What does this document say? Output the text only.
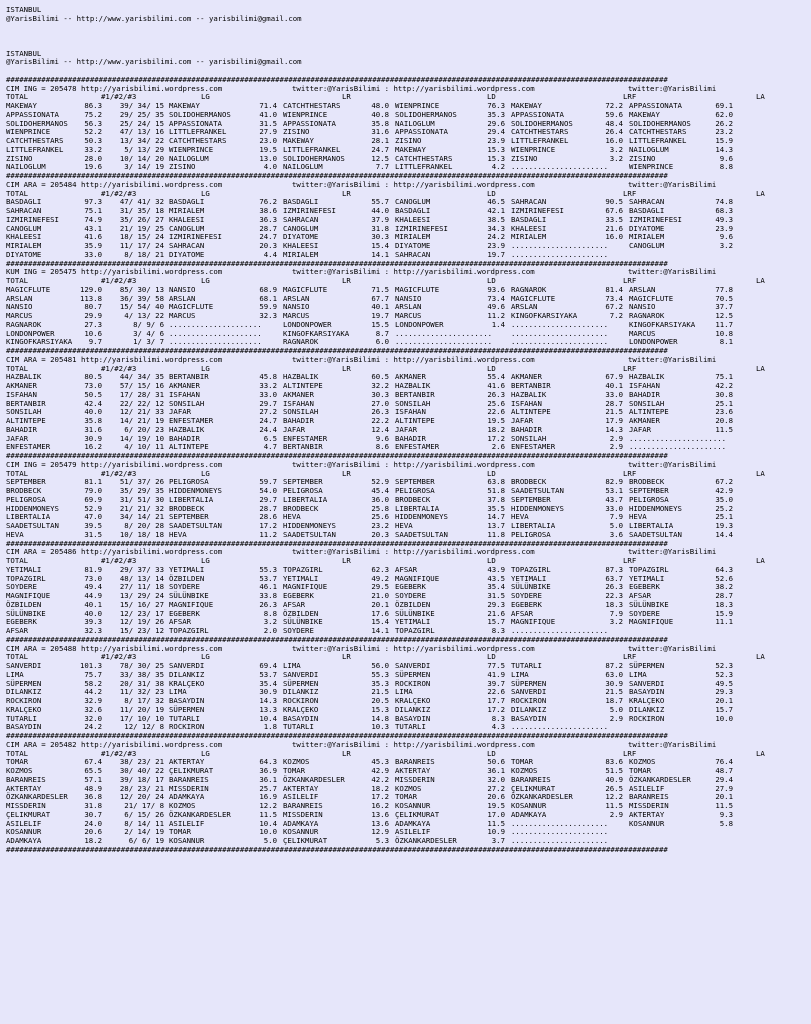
ISTANBUL
@YarisBilimi -- http://www.yarisbilimi.com -- yarisbilimi@gmail.com
ISTANBUL
@YarisBilimi -- http://www.yarisbilimi.com -- yarisbilimi@gmail.com
######################################################################################################################################################
CIM ING = 205478 http://yarisbilimi.wordpress.com	twitter:@YarisBilimi : http://yarisbilimi.wordpress.com	twitter:@YarisBilimi
TOTAL	#1/#2/#3	LG	LR	LD	LRF	LA
MAKEWAY	86.3 39/ 34/ 15 MAKEWAY	71.4 CATCHTHESTARS	48.0 WIENPRINCE	76.3 MAKEWAY	72.2 APPASSIONATA	69.1
APPASSIONATA	75.2 29/ 25/ 35 SOLIDOHERMANOS	41.0 WIENPRINCE	40.8 SOLIDOHERMANOS	35.3 APPASSIONATA	59.6 MAKEWAY	62.0
SOLIDOHERMANOS 56.3 25/ 24/ 15 APPASSIONATA	31.5 APPASSIONATA	35.8 NAILOGLUM	29.6 SOLIDOHERMANOS	48.4 SOLIDOHERMANOS	26.2
WIENPRINCE	52.2 47/ 13/ 16 LITTLEFRANKEL	27.9 ZISINO	31.6 APPASSIONATA	29.4 CATCHTHESTARS	26.4 CATCHTHESTARS	23.2
CATCHTHESTARS	50.3 13/ 34/ 22 CATCHTHESTARS	23.0 MAKEWAY	28.1 ZISINO	23.9 LITTLEFRANKEL	16.0 LITTLEFRANKEL	15.9
LITTLEFRANKEL	33.2	5/ 13/ 29 WIENPRINCE	19.5 LITTLEFRANKEL	24.7 MAKEWAY	15.3 WIENPRINCE	3.2 NAILOGLUM	14.3
ZISINO	28.0 10/ 14/ 20 NAILOGLUM	13.0 SOLIDOHERMANOS	12.5 CATCHTHESTARS	15.3 ZISINO	3.2 ZISINO	9.6
NAILOGLUM	19.6	3/ 14/ 19 ZISINO	4.0 NAILOGLUM	7.7 LITTLEFRANKEL	4.2 ......................	WIENPRINCE	8.8
######################################################################################################################################################
CIM ARA = 205484 http://yarisbilimi.wordpress.com	twitter:@YarisBilimi : http://yarisbilimi.wordpress.com	twitter:@YarisBilimi
TOTAL	#1/#2/#3	LG	LR	LD	LRF	LA
BASDAGLI	97.3 47/ 41/ 32 BASDAGLI	76.2 BASDAGLI	55.7 CANOGLUM	46.5 SAHRACAN	90.5 SAHRACAN	74.8
SAHRACAN	75.1 31/ 35/ 18 MIRIALEM	38.6 IZMIRINEFESI	44.0 BASDAGLI	42.1 IZMIRINEFESI	67.6 BASDAGLI	68.3
IZMIRINEFESI	74.9 35/ 26/ 27 KHALEESI	36.3 SAHRACAN	37.9 KHALEESI	38.5 BASDAGLI	33.5 IZMIRINEFESI	49.3
CANOGLUM	43.1 21/ 19/ 25 CANOGLUM	28.7 CANOGLUM	31.8 IZMIRINEFESI	34.3 KHALEESI	21.6 DIYATOME	23.9
KHALEESI	41.6 18/ 15/ 24 IZMIRINEFESI	24.7 DIYATOME	30.3 MIRIALEM	24.2 MIRIALEM	16.0 MIRIALEM	9.6
MIRIALEM	35.9 11/ 17/ 24 SAHRACAN	20.3 KHALEESI	15.4 DIYATOME	23.9 ......................	CANOGLUM	3.2
DIYATOME	33.0	8/ 18/ 21 DIYATOME	4.4 MIRIALEM	14.1 SAHRACAN	19.7 ......................
######################################################################################################################################################
KUM ING = 205475 http://yarisbilimi.wordpress.com	twitter:@YarisBilimi : http://yarisbilimi.wordpress.com	twitter:@YarisBilimi
TOTAL	#1/#2/#3	LG	LR	LD	LRF	LA
MAGICFLUTE	129.0 85/ 30/ 13 NANSIO	68.9 MAGICFLUTE	71.5 MAGICFLUTE	93.6 RAGNAROK	81.4 ARSLAN	77.8
ARSLAN	113.8 36/ 39/ 58 ARSLAN	68.1 ARSLAN	67.7 NANSIO	73.4 MAGICFLUTE	73.4 MAGICFLUTE	70.5
NANSIO	80.7 15/ 54/ 40 MAGICFLUTE	59.9 NANSIO	40.1 ARSLAN	49.6 ARSLAN	67.2 NANSIO	37.7
MARCUS	29.9	4/ 13/ 22 MARCUS	32.3 MARCUS	19.7 MARCUS	11.2 KINGOFKARSIYAKA	7.2 RAGNAROK	12.5
RAGNAROK	27.3	8/ 9/ 6 .....................	LONDONPOWER	15.5 LONDONPOWER	1.4 ......................	KINGOFKARSIYAKA	11.7
LONDONPOWER	10.6	3/ 4/ 6 .....................	KINGOFKARSIYAKA	8.7 ......................	......................	MARCUS	10.8
KINGOFKARSIYAKA 9.7	1/ 3/ 7 .....................	RAGNAROK	6.0 ......................	......................	LONDONPOWER	8.1
######################################################################################################################################################
CIM ARA = 205481 http://yarisbilimi.wordpress.com	twitter:@YarisBilimi : http://yarisbilimi.wordpress.com	twitter:@YarisBilimi
TOTAL	#1/#2/#3	LG	LR	LD	LRF	LA
HAZBALIK	80.5 44/ 34/ 35 BERTANBIR	45.8 HAZBALIK	60.5 AKMANER	55.4 AKMANER	67.9 HAZBALIK	75.1
AKMANER	73.0 57/ 15/ 16 AKMANER	33.2 ALTINTEPE	32.2 HAZBALIK	41.6 BERTANBIR	40.1 ISFAHAN	42.2
ISFAHAN	50.5 17/ 28/ 31 ISFAHAN	33.0 AKMANER	30.3 BERTANBIR	26.3 HAZBALIK	33.0 BAHADIR	30.8
BERTANBIR	42.4 22/ 22/ 12 SONSILAH	29.7 ISFAHAN	27.0 SONSILAH	25.6 ISFAHAN	28.7 SONSILAH	25.1
SONSILAH	40.0 12/ 21/ 33 JAFAR	27.2 SONSILAH	26.3 ISFAHAN	22.6 ALTINTEPE	21.5 ALTINTEPE	23.6
ALTINTEPE	35.8 14/ 21/ 19 ENFESTAMER	24.7 BAHADIR	22.2 ALTINTEPE	19.5 JAFAR	17.9 AKMANER	20.8
BAHADIR	31.6	6/ 20/ 23 HAZBALIK	24.4 JAFAR	12.4 JAFAR	18.2 BAHADIR	14.3 JAFAR	11.5
JAFAR	30.9 14/ 19/ 10 BAHADIR	6.5 ENFESTAMER	9.6 BAHADIR	17.2 SONSILAH	2.9 ......................
ENFESTAMER	16.2	4/ 10/ 11 ALTINTEPE	4.7 BERTANBIR	8.6 ENFESTAMER	2.6 ENFESTAMER	2.9 ......................
######################################################################################################################################################
CIM ING = 205479 http://yarisbilimi.wordpress.com	twitter:@YarisBilimi : http://yarisbilimi.wordpress.com	twitter:@YarisBilimi
TOTAL	#1/#2/#3	LG	LR	LD	LRF	LA
SEPTEMBER	81.1 51/ 37/ 26 PELIGROSA	59.7 SEPTEMBER	52.9 SEPTEMBER	63.8 BRODBECK	82.9 BRODBECK	67.2
BRODBECK	79.0 35/ 29/ 35 HIDDENMONEYS	54.0 PELIGROSA	45.4 PELIGROSA	51.8 SAADETSULTAN	53.1 SEPTEMBER	42.9
PELIGROSA	69.9 31/ 51/ 30 LIBERTALIA	29.7 LIBERTALIA	36.0 BRODBECK	37.8 SEPTEMBER	43.7 PELIGROSA	35.0
HIDDENMONEYS	52.9 21/ 21/ 32 BRODBECK	28.7 BRODBECK	25.8 LIBERTALIA	35.5 HIDDENMONEYS	33.0 HIDDENMONEYS	25.2
LIBERTALIA	47.0 34/ 14/ 21 SEPTEMBER	28.6 HEVA	25.6 HIDDENMONEYS	14.7 HEVA	7.9 HEVA	25.1
SAADETSULTAN	39.5	8/ 20/ 28 SAADETSULTAN	17.2 HIDDENMONEYS	23.2 HEVA	13.7 LIBERTALIA	5.0 LIBERTALIA	19.3
HEVA	31.5 10/ 18/ 18 HEVA	11.2 SAADETSULTAN	20.3 SAADETSULTAN	11.8 PELIGROSA	3.6 SAADETSULTAN	14.4
######################################################################################################################################################
CIM ARA = 205486 http://yarisbilimi.wordpress.com	twitter:@YarisBilimi : http://yarisbilimi.wordpress.com	twitter:@YarisBilimi
TOTAL	#1/#2/#3	LG	LR	LD	LRF	LA
YETIMALI	81.9 29/ 37/ 33 YETIMALI	55.3 TOPAZGIRL	62.3 AFSAR	43.9 TOPAZGIRL	87.3 TOPAZGIRL	64.3
TOPAZGIRL	73.0 48/ 13/ 14 ÖZBILDEN	53.7 YETIMALI	49.2 MAGNIFIQUE	43.5 YETIMALI	63.7 YETIMALI	52.6
SOYDERE	49.4 27/ 11/ 18 SOYDERE	46.1 MAGNIFIQUE	29.5 EGEBERK	35.4 SÜLÜNBIKE	26.3 EGEBERK	38.2
MAGNIFIQUE	44.9 13/ 29/ 24 SÜLÜNBIKE	33.8 EGEBERK	21.0 SOYDERE	31.5 SOYDERE	22.3 AFSAR	28.7
ÖZBILDEN	40.1 15/ 16/ 27 MAGNIFIQUE	26.3 AFSAR	20.1 ÖZBILDEN	29.3 EGEBERK	18.3 SÜLÜNBIKE	18.3
SÜLÜNBIKE	40.0 12/ 23/ 17 EGEBERK	8.8 ÖZBILDEN	17.6 SÜLÜNBIKE	21.6 AFSAR	7.9 SOYDERE	15.9
EGEBERK	39.3 12/ 19/ 26 AFSAR	3.2 SÜLÜNBIKE	15.4 YETIMALI	15.7 MAGNIFIQUE	3.2 MAGNIFIQUE	11.1
AFSAR	32.3 15/ 23/ 12 TOPAZGIRL	2.0 SOYDERE	14.1 TOPAZGIRL	8.3 ......................
######################################################################################################################################################
CIM ARA = 205488 http://yarisbilimi.wordpress.com	twitter:@YarisBilimi : http://yarisbilimi.wordpress.com	twitter:@YarisBilimi
TOTAL	#1/#2/#3	LG	LR	LD	LRF	LA
SANVERDI	101.3 78/ 30/ 25 SANVERDI	69.4 LIMA	56.0 SANVERDI	77.5 TUTARLI	87.2 SÜPERMEN	52.3
LIMA	75.7 33/ 38/ 35 DILANKIZ	53.7 SANVERDI	55.3 SÜPERMEN	41.9 LIMA	63.0 LIMA	52.3
SÜPERMEN	58.2 20/ 31/ 38 KRALÇEKO	35.4 SÜPERMEN	35.3 ROCKIRON	39.7 SÜPERMEN	30.9 SANVERDI	49.5
DILANKIZ	44.2 11/ 32/ 23 LIMA	30.9 DILANKIZ	21.5 LIMA	22.6 SANVERDI	21.5 BASAYDIN	29.3
ROCKIRON	32.9	8/ 17/ 32 BASAYDIN	14.3 ROCKIRON	20.5 KRALÇEKO	17.7 ROCKIRON	18.7 KRALÇEKO	20.1
KRALÇEKO	32.6 11/ 20/ 19 SÜPERMEN	13.3 KRALÇEKO	15.3 DILANKIZ	17.2 DILANKIZ	5.0 DILANKIZ	15.7
TUTARLI	32.0 17/ 10/ 10 TUTARLI	10.4 BASAYDIN	14.8 BASAYDIN	8.3 BASAYDIN	2.9 ROCKIRON	10.0
BASAYDIN	24.2	12/ 12/ 8 ROCKIRON	1.8 TUTARLI	10.3 TUTARLI	4.3 ......................
######################################################################################################################################################
CIM ARA = 205482 http://yarisbilimi.wordpress.com	twitter:@YarisBilimi : http://yarisbilimi.wordpress.com	twitter:@YarisBilimi
TOTAL	#1/#2/#3	LG	LR	LD	LRF	LA
TOMAR	67.4 38/ 23/ 21 AKTERTAY	64.3 KOZMOS	45.3 BARANREIS	50.6 TOMAR	83.6 KOZMOS	76.4
KOZMOS	65.5 30/ 40/ 22 ÇELIKMURAT	36.9 TOMAR	42.9 AKTERTAY	36.1 KOZMOS	51.5 TOMAR	48.7
BARANREIS	57.1 39/ 18/ 17 BARANREIS	36.1 ÖZKANKARDESLER	42.2 MISSDERIN	32.0 BARANREIS	40.9 ÖZKANKARDESLER	29.4
AKTERTAY	48.9 28/ 23/ 21 MISSDERIN	25.7 AKTERTAY	18.2 KOZMOS	27.2 ÇELIKMURAT	26.5 ASILELIF	27.9
ÖZKANKARDESLER 36.8 12/ 20/ 24 ADAMKAYA	16.9 ASILELIF	17.2 TOMAR	20.6 ÖZKANKARDESLER	12.2 BARANREIS	20.1
MISSDERIN	31.8	21/ 17/ 8 KOZMOS	12.2 BARANREIS	16.2 KOSANNUR	19.5 KOSANNUR	11.5 MISSDERIN	11.5
ÇELIKMURAT	30.7	6/ 15/ 26 ÖZKANKARDESLER	11.5 MISSDERIN	13.6 ÇELIKMURAT	17.0 ADAMKAYA	2.9 AKTERTAY	9.3
ASILELIF	24.0	8/ 14/ 11 ASILELIF	10.4 ADAMKAYA	13.6 ADAMKAYA	11.5 ......................	KOSANNUR	5.8
KOSANNUR	20.6	2/ 14/ 19 TOMAR	10.0 KOSANNUR	12.9 ASILELIF	10.9 ......................
ADAMKAYA	18.2	6/ 6/ 19 KOSANNUR	5.0 ÇELIKMURAT	5.3 ÖZKANKARDESLER	3.7 ......................
######################################################################################################################################################
